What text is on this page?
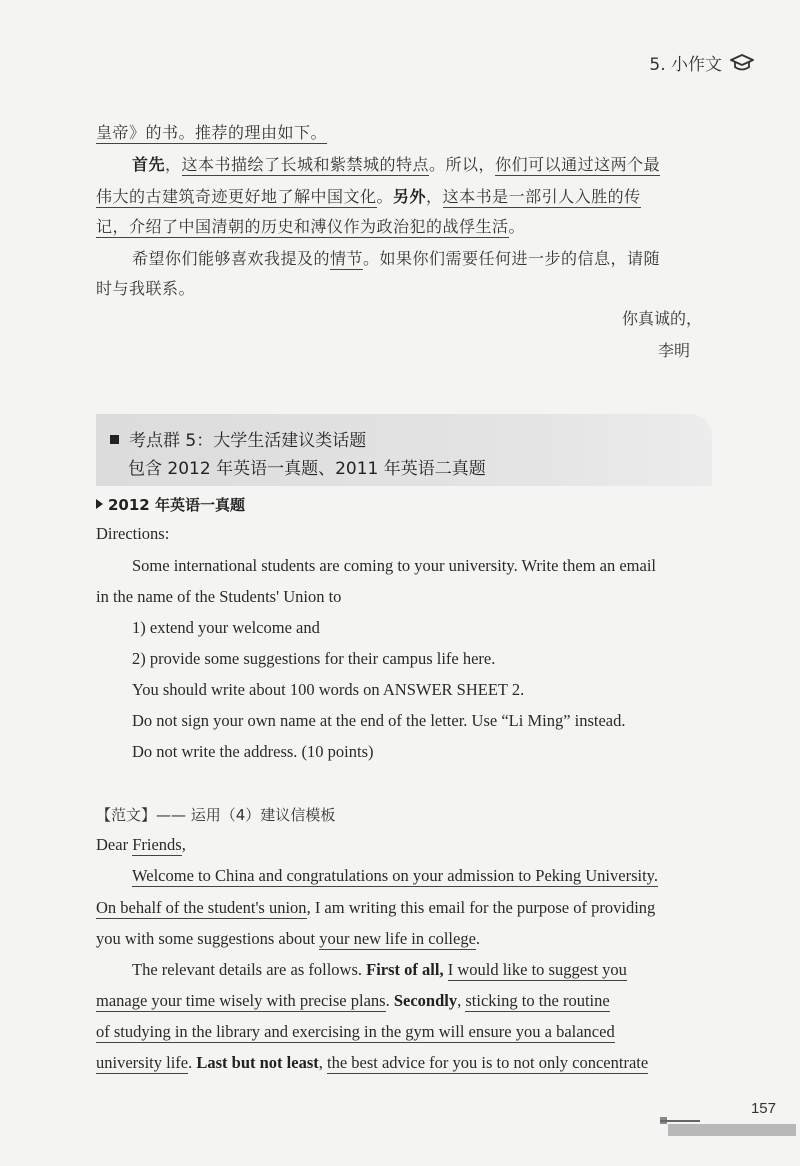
5. 小作文
皇帝》的书。推荐的理由如下。
首先，这本书描绘了长城和紫禁城的特点。所以，你们可以通过这两个最
伟大的古建筑奇迹更好地了解中国文化。另外，这本书是一部引人入胜的传
记，介绍了中国清朝的历史和溥仪作为政治犯的战俘生活。
希望你们能够喜欢我提及的情节。如果你们需要任何进一步的信息，请随
时与我联系。
你真诚的，
李明
考点群 5：大学生活建议类话题
包含 2012 年英语一真题、2011 年英语二真题
2012 年英语一真题
Directions:
Some international students are coming to your university. Write them an email
in the name of the Students' Union to
1) extend your welcome and
2) provide some suggestions for their campus life here.
You should write about 100 words on ANSWER SHEET 2.
Do not sign your own name at the end of the letter. Use “Li Ming” instead.
Do not write the address. (10 points)
【范文】—— 运用（4）建议信模板
Dear Friends,
Welcome to China and congratulations on your admission to Peking University.
On behalf of the student's union, I am writing this email for the purpose of providing
you with some suggestions about your new life in college.
The relevant details are as follows. First of all, I would like to suggest you
manage your time wisely with precise plans. Secondly, sticking to the routine
of studying in the library and exercising in the gym will ensure you a balanced
university life. Last but not least, the best advice for you is to not only concentrate
157
